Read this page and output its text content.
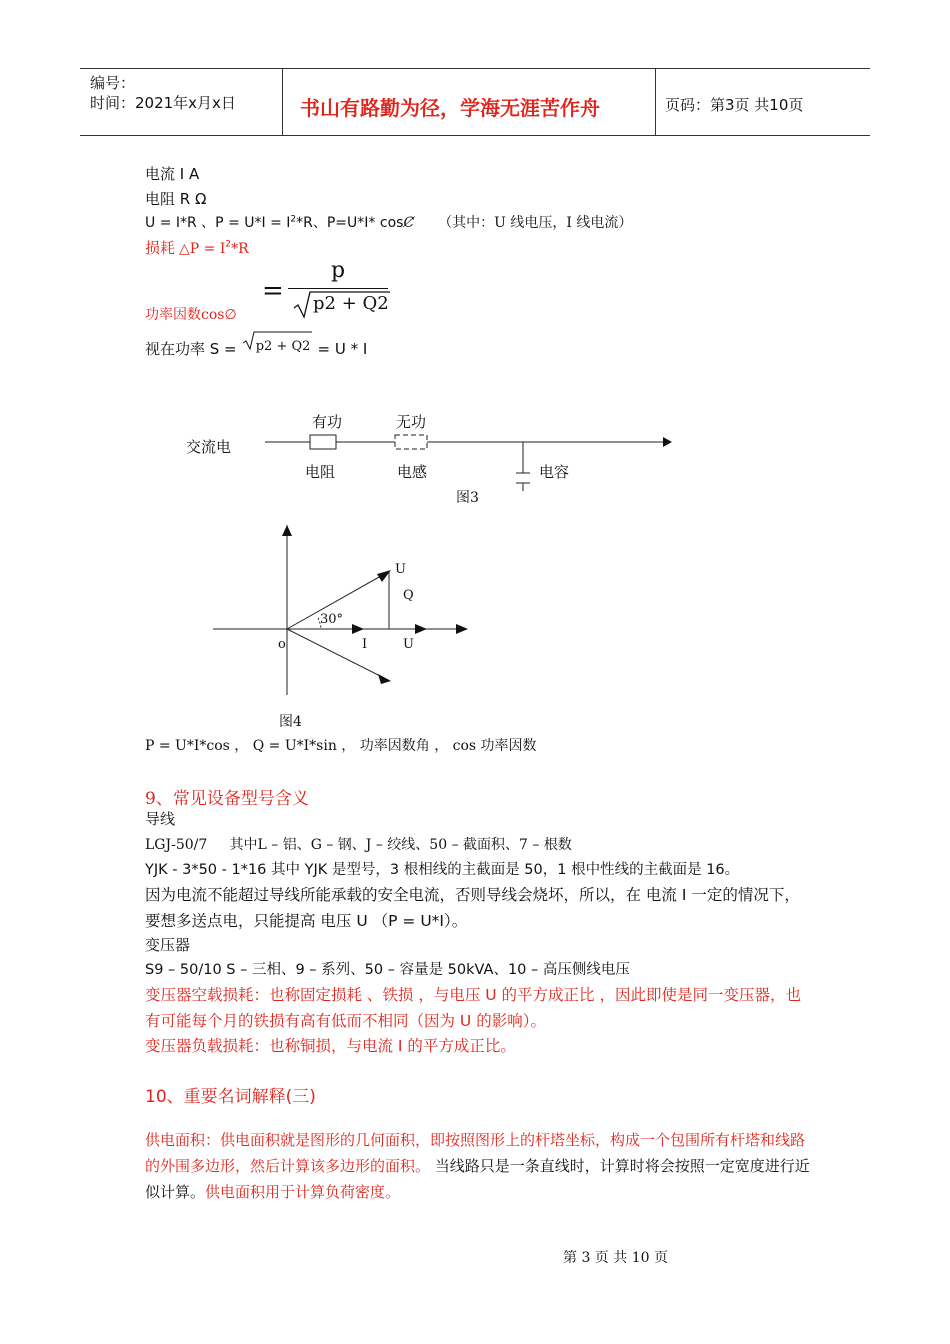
编号：
时间：2021年x月x日	书山有路勤为径，学海无涯苦作舟	页码：第3页 共10页
电流 I A
电阻 R Ω
U = I*R 、$P = U*I = I^2*R$、P=U*I* cosȻ （其中：U 线电压，I 线电流）
损耗 △P = $I^2*R$
=
p
p2 + Q2
功率因数cos∅
视在功率 S = $^{p2 + Q2}$ = U * I
交流电
有功	无功
电阻	电感	电容
图3
U
Q
30°
o	I	U
图4
P = U*I*cos ， Q = U*I*sin ， 功率因数角 ， cos 功率因数
9、常见设备型号含义
导线
LGJ-50/7     其中L – 铝、G – 钢、J – 绞线、50 – 截面积、7 – 根数
YJK - 3*50 - 1*16 其中 YJK 是型号，3 根相线的主截面是 50，1 根中性线的主截面是 16。
因为电流不能超过导线所能承载的安全电流，否则导线会烧坏，所以，在 电流 I 一定的情况下，要想多送点电，只能提高 电压 U （P = U*I）。
变压器
S9 – 50/10 S – 三相、9 – 系列、50 – 容量是 50kVA、10 – 高压侧线电压
变压器空载损耗：也称固定损耗 、铁损 ，与电压 U 的平方成正比 ，因此即使是同一变压器，也有可能每个月的铁损有高有低而不相同（因为 U 的影响）。
变压器负载损耗：也称铜损，与电流 I 的平方成正比。
10、重要名词解释(三)
供电面积：供电面积就是图形的几何面积，即按照图形上的杆塔坐标，构成一个包围所有杆塔和线路的外围多边形，然后计算该多边形的面积。 当线路只是一条直线时，计算时将会按照一定宽度进行近似计算。供电面积用于计算负荷密度。
第 3 页 共 10 页
